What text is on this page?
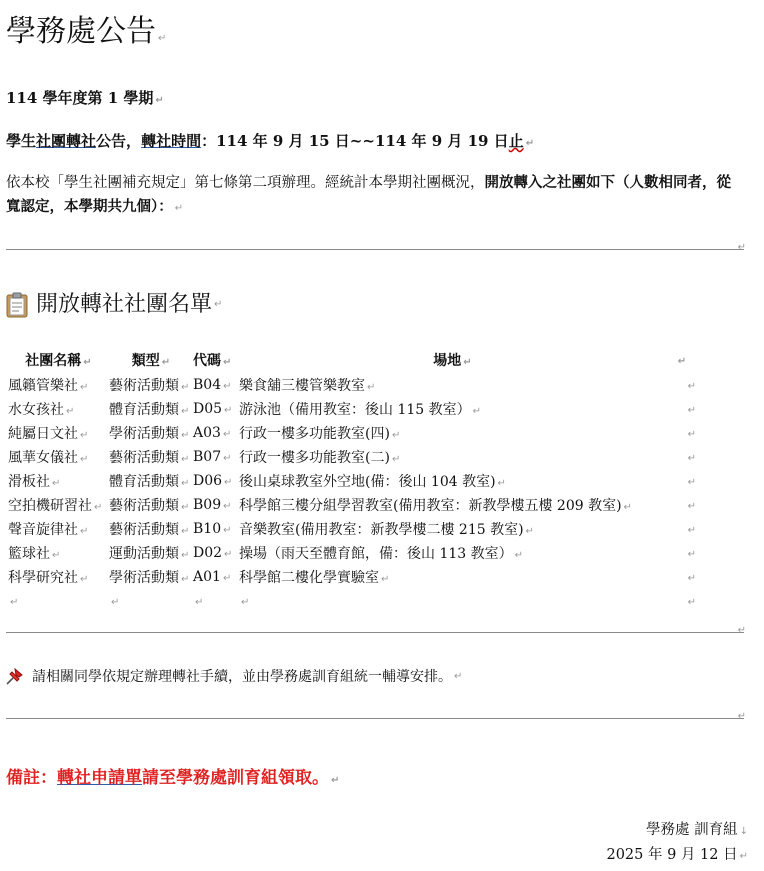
學務處公告 ↵
114 學年度第 1 學期 ↵
學生社團轉社公告，轉社時間：114 年 9 月 15 日~~114 年 9 月 19 日止 ↵
依本校「學生社團補充規定」第七條第二項辦理。經統計本學期社團概況，開放轉入之社團如下（人數相同者，從寬認定，本學期共九個）： ↵
↵
開放轉社社團名單 ↵
社團名稱 ↵	類型 ↵	代碼 ↵	場地 ↵	↵
風籟管樂社 ↵	藝術活動類 ↵	B04 ↵	樂食舖三樓管樂教室 ↵	↵
水女孩社 ↵	體育活動類 ↵	D05 ↵	游泳池（備用教室：後山 115 教室） ↵	↵
純屬日文社 ↵	學術活動類 ↵	A03 ↵	行政一樓多功能教室(四) ↵	↵
風華女儀社 ↵	藝術活動類 ↵	B07 ↵	行政一樓多功能教室(二) ↵	↵
滑板社 ↵	體育活動類 ↵	D06 ↵	後山桌球教室外空地(備：後山 104 教室) ↵	↵
空拍機研習社 ↵	藝術活動類 ↵	B09 ↵	科學館三樓分組學習教室(備用教室：新教學樓五樓 209 教室) ↵	↵
聲音旋律社 ↵	藝術活動類 ↵	B10 ↵	音樂教室(備用教室：新教學樓二樓 215 教室) ↵	↵
籃球社 ↵	運動活動類 ↵	D02 ↵	操場（雨天至體育館，備：後山 113 教室） ↵	↵
科學研究社 ↵	學術活動類 ↵	A01 ↵	科學館二樓化學實驗室 ↵	↵
↵	↵	↵	↵	↵
↵
請相關同學依規定辦理轉社手續，並由學務處訓育組統一輔導安排。 ↵
↵
備註：轉社申請單請至學務處訓育組領取。 ↵
學務處 訓育組 ↓
2025 年 9 月 12 日 ↵
